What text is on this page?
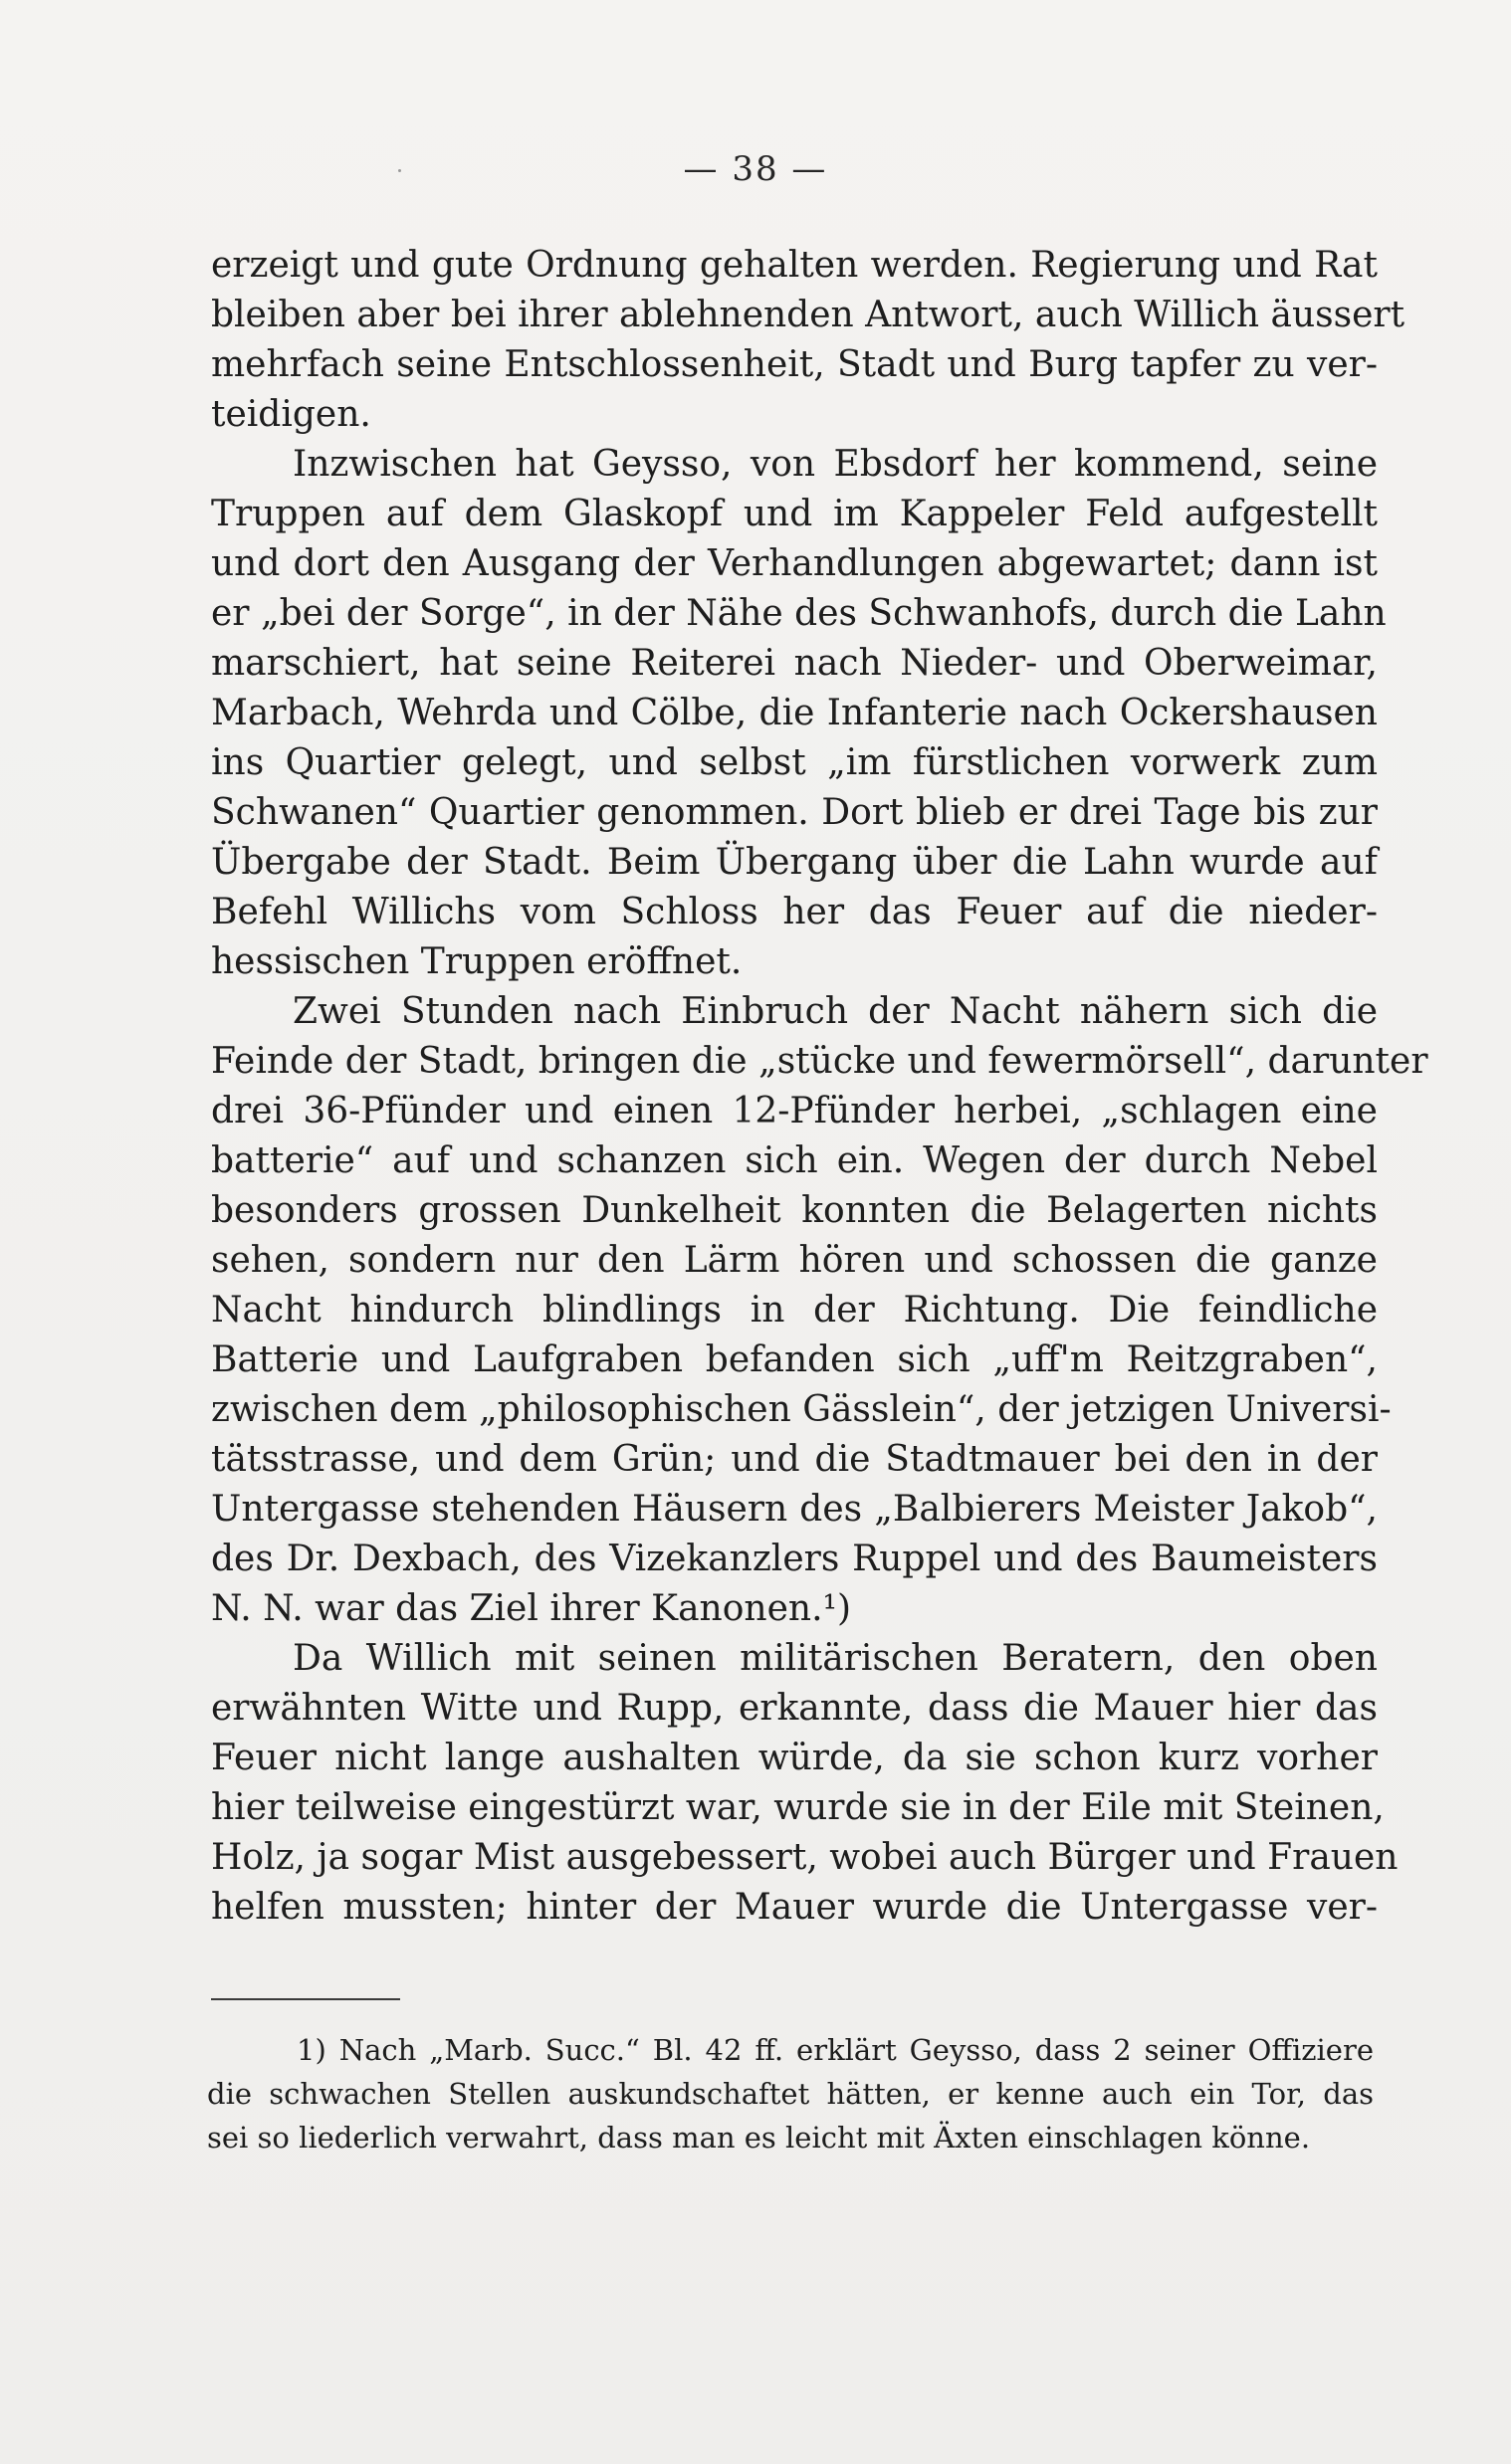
— 38 —
erzeigt und gute Ordnung gehalten werden. Regierung und Rat
bleiben aber bei ihrer ablehnenden Antwort, auch Willich äussert
mehrfach seine Entschlossenheit, Stadt und Burg tapfer zu ver-
teidigen.
Inzwischen hat Geysso, von Ebsdorf her kommend, seine
Truppen auf dem Glaskopf und im Kappeler Feld aufgestellt
und dort den Ausgang der Verhandlungen abgewartet; dann ist
er „bei der Sorge“, in der Nähe des Schwanhofs, durch die Lahn
marschiert, hat seine Reiterei nach Nieder- und Oberweimar,
Marbach, Wehrda und Cölbe, die Infanterie nach Ockershausen
ins Quartier gelegt, und selbst „im fürstlichen vorwerk zum
Schwanen“ Quartier genommen. Dort blieb er drei Tage bis zur
Übergabe der Stadt. Beim Übergang über die Lahn wurde auf
Befehl Willichs vom Schloss her das Feuer auf die nieder-
hessischen Truppen eröffnet.
Zwei Stunden nach Einbruch der Nacht nähern sich die
Feinde der Stadt, bringen die „stücke und fewermörsell“, darunter
drei 36-Pfünder und einen 12-Pfünder herbei, „schlagen eine
batterie“ auf und schanzen sich ein. Wegen der durch Nebel
besonders grossen Dunkelheit konnten die Belagerten nichts
sehen, sondern nur den Lärm hören und schossen die ganze
Nacht hindurch blindlings in der Richtung. Die feindliche
Batterie und Laufgraben befanden sich „uff'm Reitzgraben“,
zwischen dem „philosophischen Gässlein“, der jetzigen Universi-
tätsstrasse, und dem Grün; und die Stadtmauer bei den in der
Untergasse stehenden Häusern des „Balbierers Meister Jakob“,
des Dr. Dexbach, des Vizekanzlers Ruppel und des Baumeisters
N. N. war das Ziel ihrer Kanonen.¹)
Da Willich mit seinen militärischen Beratern, den oben
erwähnten Witte und Rupp, erkannte, dass die Mauer hier das
Feuer nicht lange aushalten würde, da sie schon kurz vorher
hier teilweise eingestürzt war, wurde sie in der Eile mit Steinen,
Holz, ja sogar Mist ausgebessert, wobei auch Bürger und Frauen
helfen mussten; hinter der Mauer wurde die Untergasse ver-
1) Nach „Marb. Succ.“ Bl. 42 ff. erklärt Geysso, dass 2 seiner Offiziere
die schwachen Stellen auskundschaftet hätten, er kenne auch ein Tor, das
sei so liederlich verwahrt, dass man es leicht mit Äxten einschlagen könne.
